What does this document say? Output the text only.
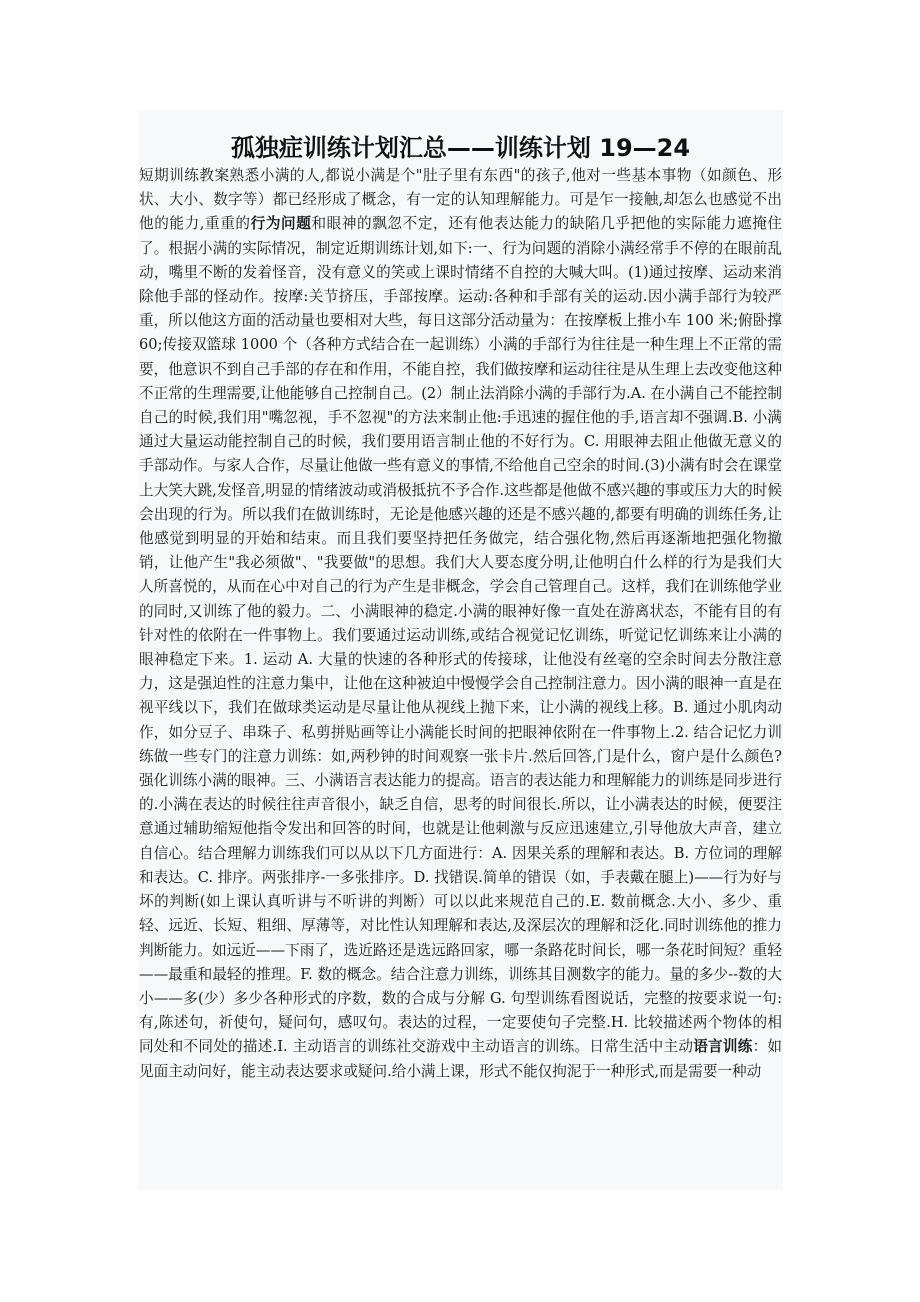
孤独症训练计划汇总——训练计划 19—24

短期训练教案熟悉小满的人,都说小满是个"肚子里有东西"的孩子,他对一些基本事物（如颜色、形状、大小、数字等）都已经形成了概念，有一定的认知理解能力。可是乍一接触,却怎么也感觉不出他的能力,重重的行为问题和眼神的飘忽不定，还有他表达能力的缺陷几乎把他的实际能力遮掩住了。根据小满的实际情况，制定近期训练计划,如下:一、行为问题的消除小满经常手不停的在眼前乱动，嘴里不断的发着怪音，没有意义的笑或上课时情绪不自控的大喊大叫。(1)通过按摩、运动来消除他手部的怪动作。按摩:关节挤压，手部按摩。运动:各种和手部有关的运动.因小满手部行为较严重，所以他这方面的活动量也要相对大些，每日这部分活动量为：在按摩板上推小车 100 米;俯卧撑 60;传接双篮球 1000 个（各种方式结合在一起训练）小满的手部行为往往是一种生理上不正常的需要，他意识不到自己手部的存在和作用，不能自控，我们做按摩和运动往往是从生理上去改变他这种不正常的生理需要,让他能够自己控制自己。(2）制止法消除小满的手部行为.A. 在小满自己不能控制自己的时候,我们用"嘴忽视，手不忽视"的方法来制止他:手迅速的握住他的手,语言却不强调.B. 小满通过大量运动能控制自己的时候，我们要用语言制止他的不好行为。C. 用眼神去阻止他做无意义的手部动作。与家人合作，尽量让他做一些有意义的事情,不给他自己空余的时间.(3)小满有时会在课堂上大笑大跳,发怪音,明显的情绪波动或消极抵抗不予合作.这些都是他做不感兴趣的事或压力大的时候会出现的行为。所以我们在做训练时，无论是他感兴趣的还是不感兴趣的,都要有明确的训练任务,让他感觉到明显的开始和结束。而且我们要坚持把任务做完，结合强化物,然后再逐渐地把强化物撤销，让他产生"我必须做"、"我要做"的思想。我们大人要态度分明,让他明白什么样的行为是我们大人所喜悦的，从而在心中对自己的行为产生是非概念，学会自己管理自己。这样，我们在训练他学业的同时,又训练了他的毅力。二、小满眼神的稳定.小满的眼神好像一直处在游离状态，不能有目的有针对性的依附在一件事物上。我们要通过运动训练,或结合视觉记忆训练，听觉记忆训练来让小满的眼神稳定下来。1. 运动 A. 大量的快速的各种形式的传接球，让他没有丝毫的空余时间去分散注意力，这是强迫性的注意力集中，让他在这种被迫中慢慢学会自己控制注意力。因小满的眼神一直是在视平线以下，我们在做球类运动是尽量让他从视线上抛下来，让小满的视线上移。B. 通过小肌肉动作，如分豆子、串珠子、私剪拼贴画等让小满能长时间的把眼神依附在一件事物上.2. 结合记忆力训练做一些专门的注意力训练：如,两秒钟的时间观察一张卡片.然后回答,门是什么，窗户是什么颜色?强化训练小满的眼神。三、小满语言表达能力的提高。语言的表达能力和理解能力的训练是同步进行的.小满在表达的时候往往声音很小，缺乏自信，思考的时间很长.所以，让小满表达的时候，便要注意通过辅助缩短他指令发出和回答的时间，也就是让他刺激与反应迅速建立,引导他放大声音，建立自信心。结合理解力训练我们可以从以下几方面进行：A. 因果关系的理解和表达。B. 方位词的理解和表达。C. 排序。两张排序-一多张排序。D. 找错误.简单的错误（如，手表戴在腿上)——行为好与坏的判断(如上课认真听讲与不听讲的判断）可以以此来规范自己的.E. 数前概念.大小、多少、重轻、远近、长短、粗细、厚薄等，对比性认知理解和表达,及深层次的理解和泛化.同时训练他的推力判断能力。如远近——下雨了，选近路还是选远路回家，哪一条路花时间长，哪一条花时间短？重轻——最重和最轻的推理。F. 数的概念。结合注意力训练，训练其目测数字的能力。量的多少--数的大小——多(少）多少各种形式的序数，数的合成与分解 G. 句型训练看图说话，完整的按要求说一句:有,陈述句，祈使句，疑问句，感叹句。表达的过程，一定要使句子完整.H. 比较描述两个物体的相同处和不同处的描述.I. 主动语言的训练社交游戏中主动语言的训练。日常生活中主动语言训练：如见面主动问好，能主动表达要求或疑问.给小满上课，形式不能仅拘泥于一种形式,而是需要一种动
